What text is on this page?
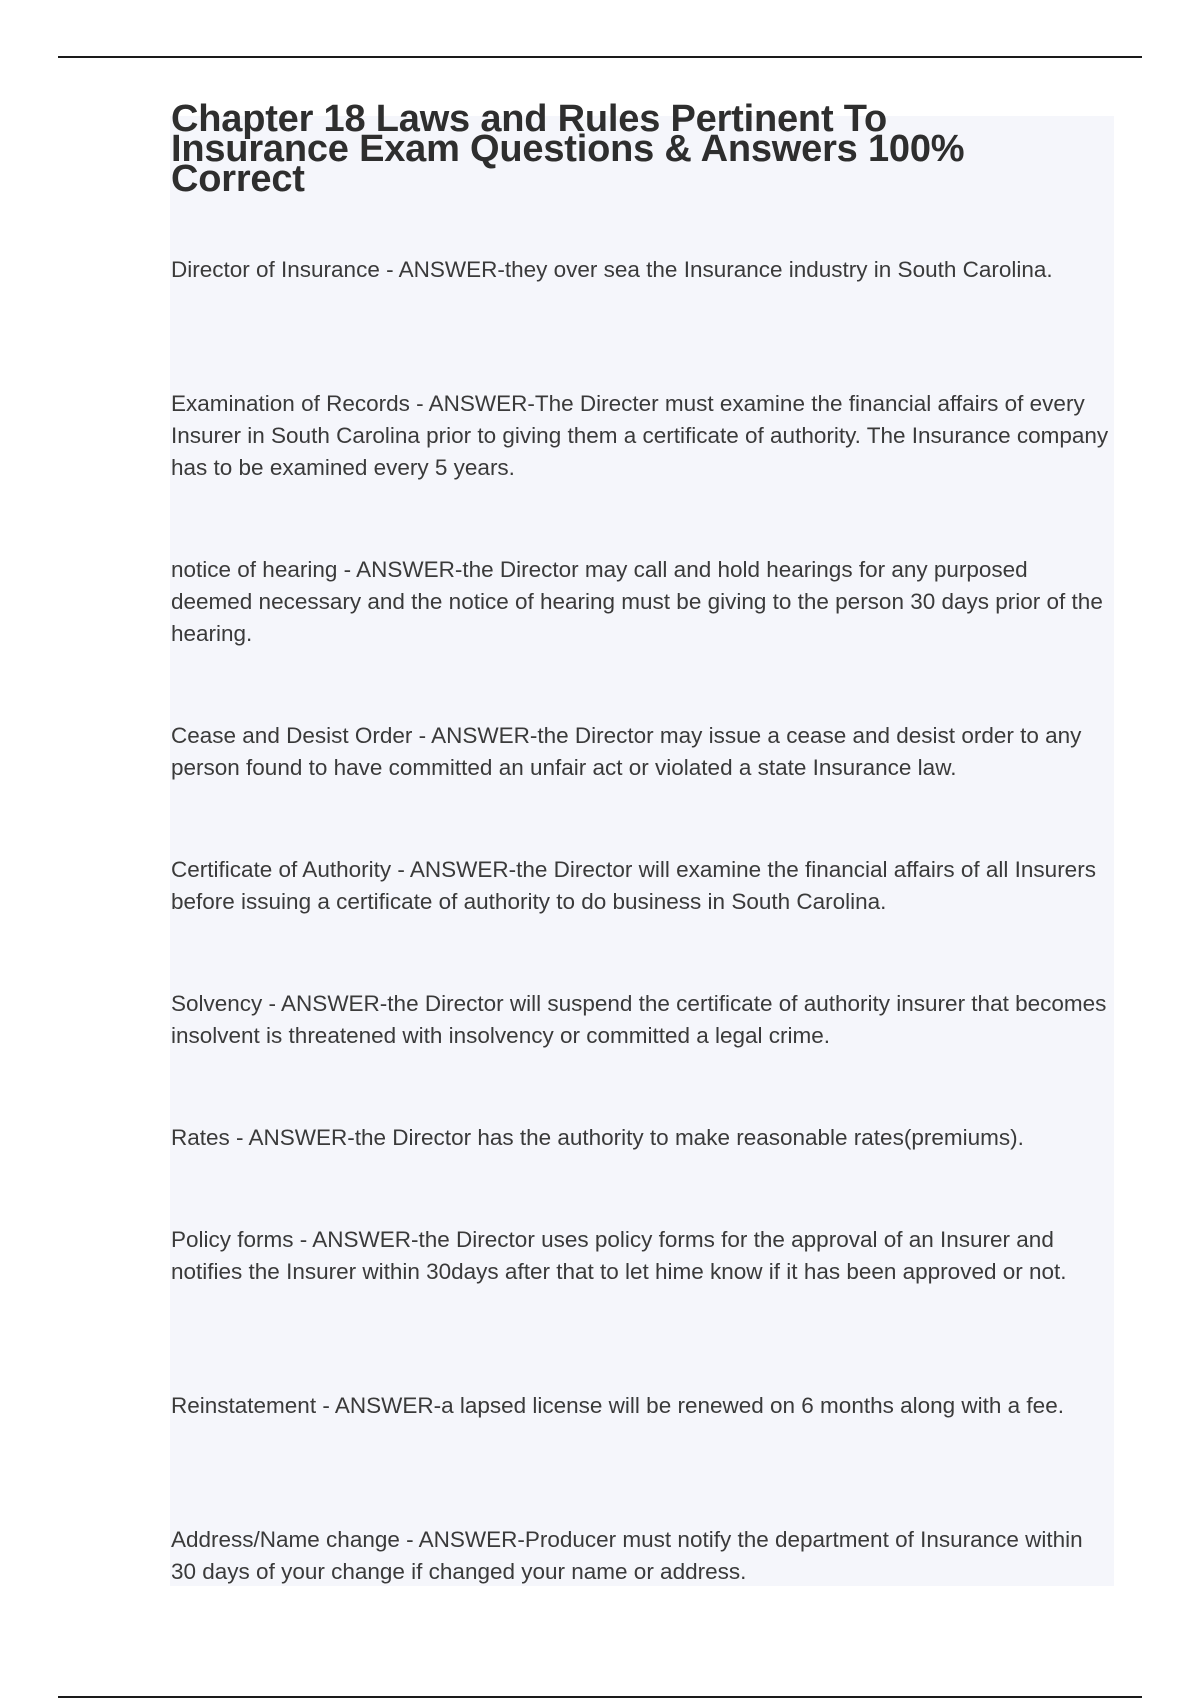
Chapter 18 Laws and Rules Pertinent To Insurance Exam Questions & Answers 100% Correct

Director of Insurance - ANSWER-they over sea the Insurance industry in South Carolina.

Examination of Records - ANSWER-The Directer must examine the financial affairs of every Insurer in South Carolina prior to giving them a certificate of authority. The Insurance company has to be examined every 5 years.

notice of hearing - ANSWER-the Director may call and hold hearings for any purposed deemed necessary and the notice of hearing must be giving to the person 30 days prior of the hearing.

Cease and Desist Order - ANSWER-the Director may issue a cease and desist order to any person found to have committed an unfair act or violated a state Insurance law.

Certificate of Authority - ANSWER-the Director will examine the financial affairs of all Insurers before issuing a certificate of authority to do business in South Carolina.

Solvency - ANSWER-the Director will suspend the certificate of authority insurer that becomes insolvent is threatened with insolvency or committed a legal crime.

Rates - ANSWER-the Director has the authority to make reasonable rates(premiums).

Policy forms - ANSWER-the Director uses policy forms for the approval of an Insurer and notifies the Insurer within 30days after that to let hime know if it has been approved or not.

Reinstatement - ANSWER-a lapsed license will be renewed on 6 months along with a fee.

Address/Name change - ANSWER-Producer must notify the department of Insurance within 30 days of your change if changed your name or address.
